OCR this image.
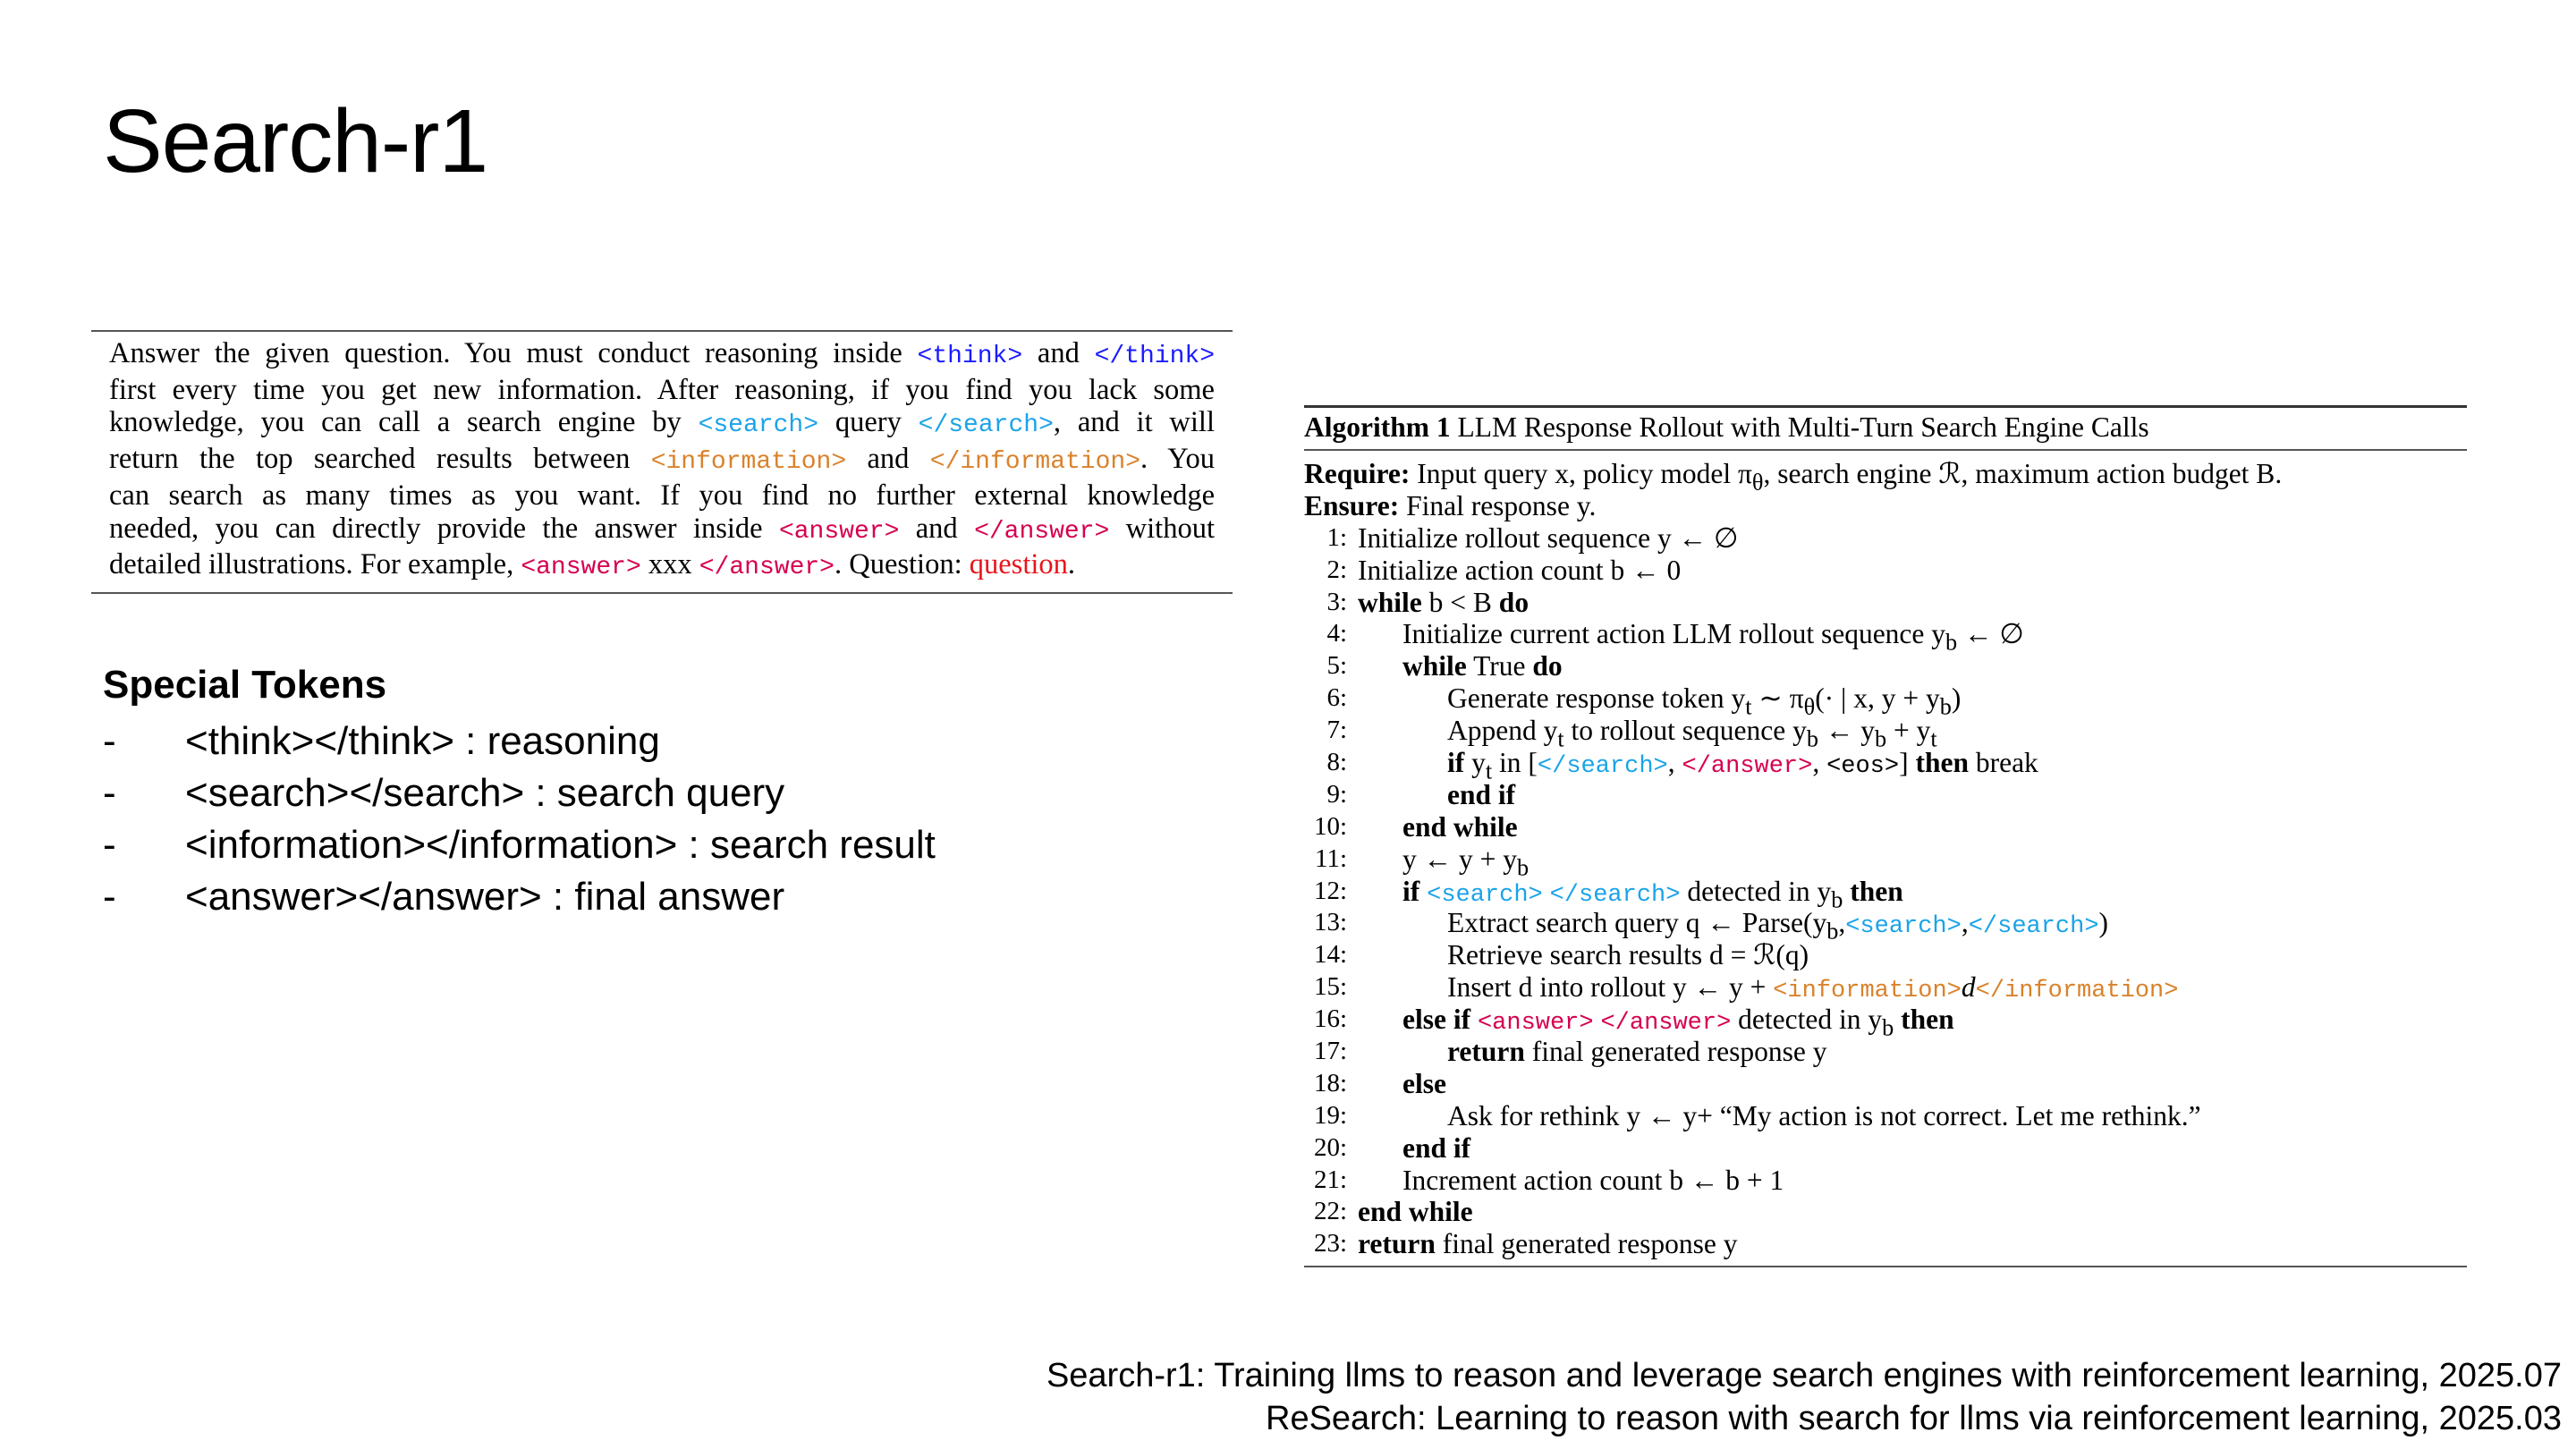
Search-r1
Answer the given question. You must conduct reasoning inside <think> and </think>
first every time you get new information. After reasoning, if you find you lack some
knowledge, you can call a search engine by <search> query </search>, and it will
return the top searched results between <information> and </information>. You
can search as many times as you want. If you find no further external knowledge
needed, you can directly provide the answer inside <answer> and </answer> without
detailed illustrations. For example, <answer> xxx </answer>. Question: question.
Special Tokens
-	<think></think> : reasoning
-	<search></search> : search query
-	<information></information> : search result
-	<answer></answer> : final answer
Algorithm 1 LLM Response Rollout with Multi-Turn Search Engine Calls
Require: Input query x, policy model $\pi_\theta$, search engine ℛ, maximum action budget B.
Ensure: Final response y.
1: Initialize rollout sequence y ← ∅
2: Initialize action count b ← 0
3: while b < B do
4:	Initialize current action LLM rollout sequence $y_b$ ← ∅
5:	while True do
6:	Generate response token $y_t$ ∼ $\pi_\theta(\cdot$ | x, $y + y_b$)
7:	Append $y_t$ to rollout sequence $y_b$ ← $y_b + y_t$
8:	if $y_t$ in [</search>, </answer>, <eos>] then break
9:	end if
10:	end while
11:	y ← $y + y_b$
12:	if <search> </search> detected in $y_b$ then
13:	Extract search query q ← $Parse(y_b,<search>,</search>)$
14:	Retrieve search results d = ℛ(q)
15:	Insert d into rollout y ← y + <information>d</information>
16:	else if <answer> </answer> detected in $y_b$ then
17:	return final generated response y
18:	else
19:	Ask for rethink y ← y+ “My action is not correct. Let me rethink.”
20:	end if
21:	Increment action count b ← b + 1
22: end while
23: return final generated response y
Search-r1: Training llms to reason and leverage search engines with reinforcement learning, 2025.07
ReSearch: Learning to reason with search for llms via reinforcement learning, 2025.03
